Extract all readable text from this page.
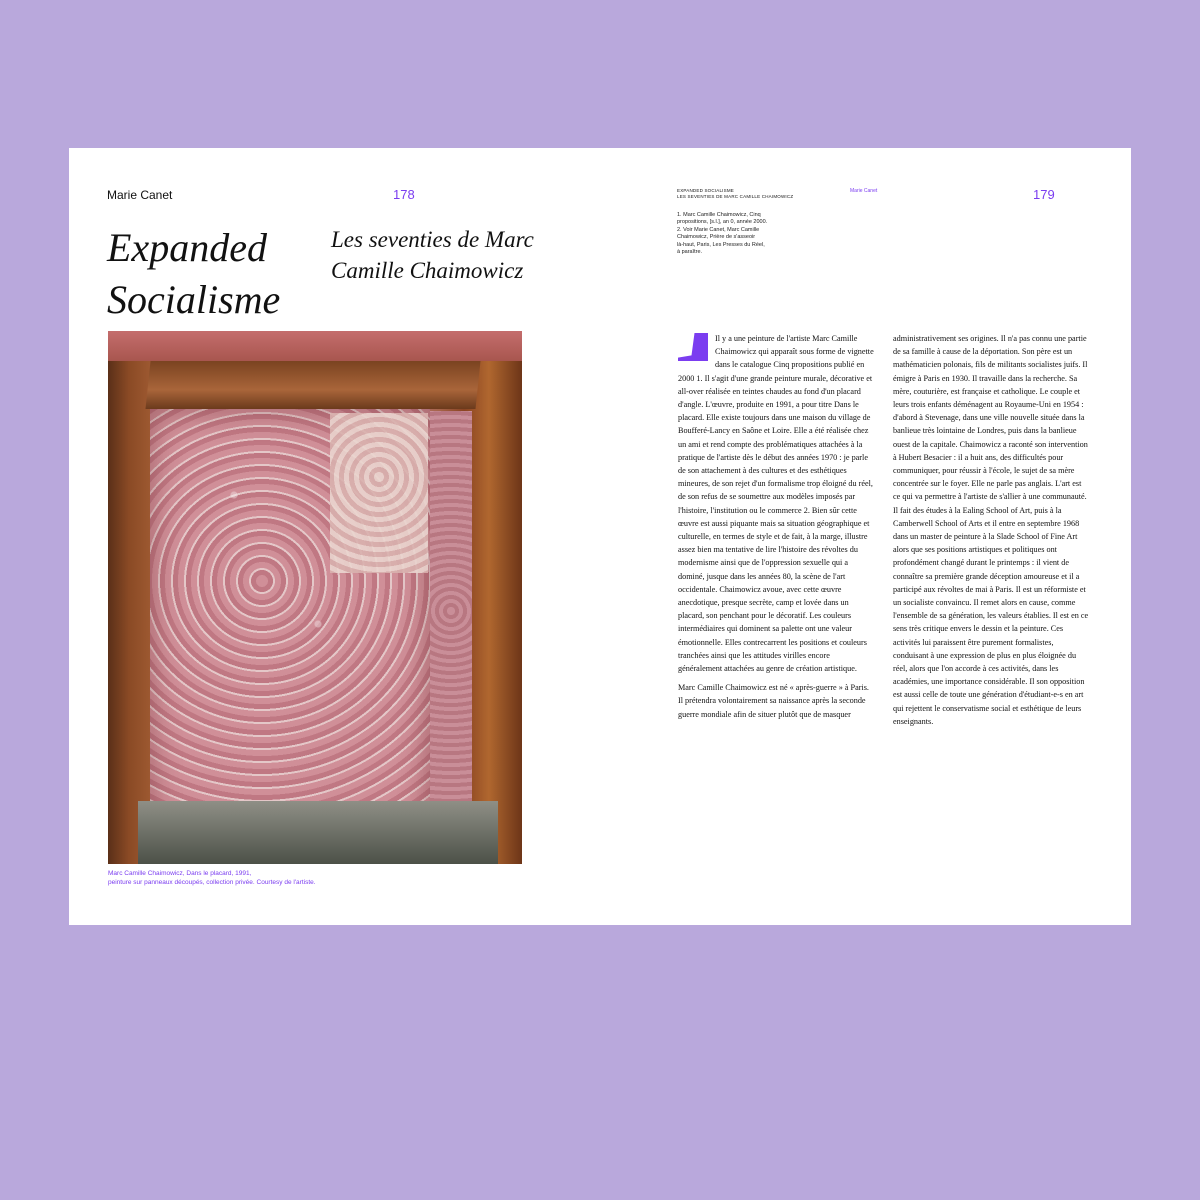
Marie Canet	178
Expanded Socialisme
Les seventies de Marc Camille Chaimowicz
Marc Camille Chaimowicz, Dans le placard, 1991,
peinture sur panneaux découpés, collection privée. Courtesy de l'artiste.
EXPANDED SOCIALISME
LES SEVENTIES DE MARC CAMILLE CHAIMOWICZ
Marie Canet	179
1. Marc Camille Chaimowicz, Cinq
propositions, [s.l.], an 0, année 2000.
2. Voir Marie Canet, Marc Camille
Chaimowicz, Prière de s'asseoir
là-haut, Paris, Les Presses du Réel,
à paraître.

Il y a une peinture de l'artiste Marc Camille Chaimowicz qui apparaît sous forme de vignette dans le catalogue Cinq propositions publié en 2000 1. Il s'agit d'une grande peinture murale, décorative et all-over réalisée en teintes chaudes au fond d'un placard d'angle. L'œuvre, produite en 1991, a pour titre Dans le placard. Elle existe toujours dans une maison du village de Boufferé-Lancy en Saône et Loire. Elle a été réalisée chez un ami et rend compte des problématiques attachées à la pratique de l'artiste dès le début des années 1970 : je parle de son attachement à des cultures et des esthétiques mineures, de son rejet d'un formalisme trop éloigné du réel, de son refus de se soumettre aux modèles imposés par l'histoire, l'institution ou le commerce 2. Bien sûr cette œuvre est aussi piquante mais sa situation géographique et culturelle, en termes de style et de fait, à la marge, illustre assez bien ma tentative de lire l'histoire des révoltes du modernisme ainsi que de l'oppression sexuelle qui a dominé, jusque dans les années 80, la scène de l'art occidentale. Chaimowicz avoue, avec cette œuvre anecdotique, presque secrète, camp et lovée dans un placard, son penchant pour le décoratif. Les couleurs intermédiaires qui dominent sa palette ont une valeur émotionnelle. Elles contrecarrent les positions et couleurs tranchées ainsi que les attitudes virilles encore généralement attachées au genre de création artistique.

Marc Camille Chaimowicz est né « après-guerre » à Paris. Il prétendra volontairement sa naissance après la seconde guerre mondiale afin de situer plutôt que de masquer

administrativement ses origines. Il n'a pas connu une partie de sa famille à cause de la déportation. Son père est un mathématicien polonais, fils de militants socialistes juifs. Il émigre à Paris en 1930. Il travaille dans la recherche. Sa mère, couturière, est française et catholique. Le couple et leurs trois enfants déménagent au Royaume-Uni en 1954 : d'abord à Stevenage, dans une ville nouvelle située dans la banlieue très lointaine de Londres, puis dans la banlieue ouest de la capitale. Chaimowicz a raconté son intervention à Hubert Besacier : il a huit ans, des difficultés pour communiquer, pour réussir à l'école, le sujet de sa mère concentrée sur le foyer. Elle ne parle pas anglais. L'art est ce qui va permettre à l'artiste de s'allier à une communauté. Il fait des études à la Ealing School of Art, puis à la Camberwell School of Arts et il entre en septembre 1968 dans un master de peinture à la Slade School of Fine Art alors que ses positions artistiques et politiques ont profondément changé durant le printemps : il vient de connaître sa première grande déception amoureuse et il a participé aux révoltes de mai à Paris. Il est un réformiste et un socialiste convaincu. Il remet alors en cause, comme l'ensemble de sa génération, les valeurs établies. Il est en ce sens très critique envers le dessin et la peinture. Ces activités lui paraissent être purement formalistes, conduisant à une expression de plus en plus éloignée du réel, alors que l'on accorde à ces activités, dans les académies, une importance considérable. Il son opposition est aussi celle de toute une génération d'étudiant-e-s en art qui rejettent le conservatisme social et esthétique de leurs enseignants.
